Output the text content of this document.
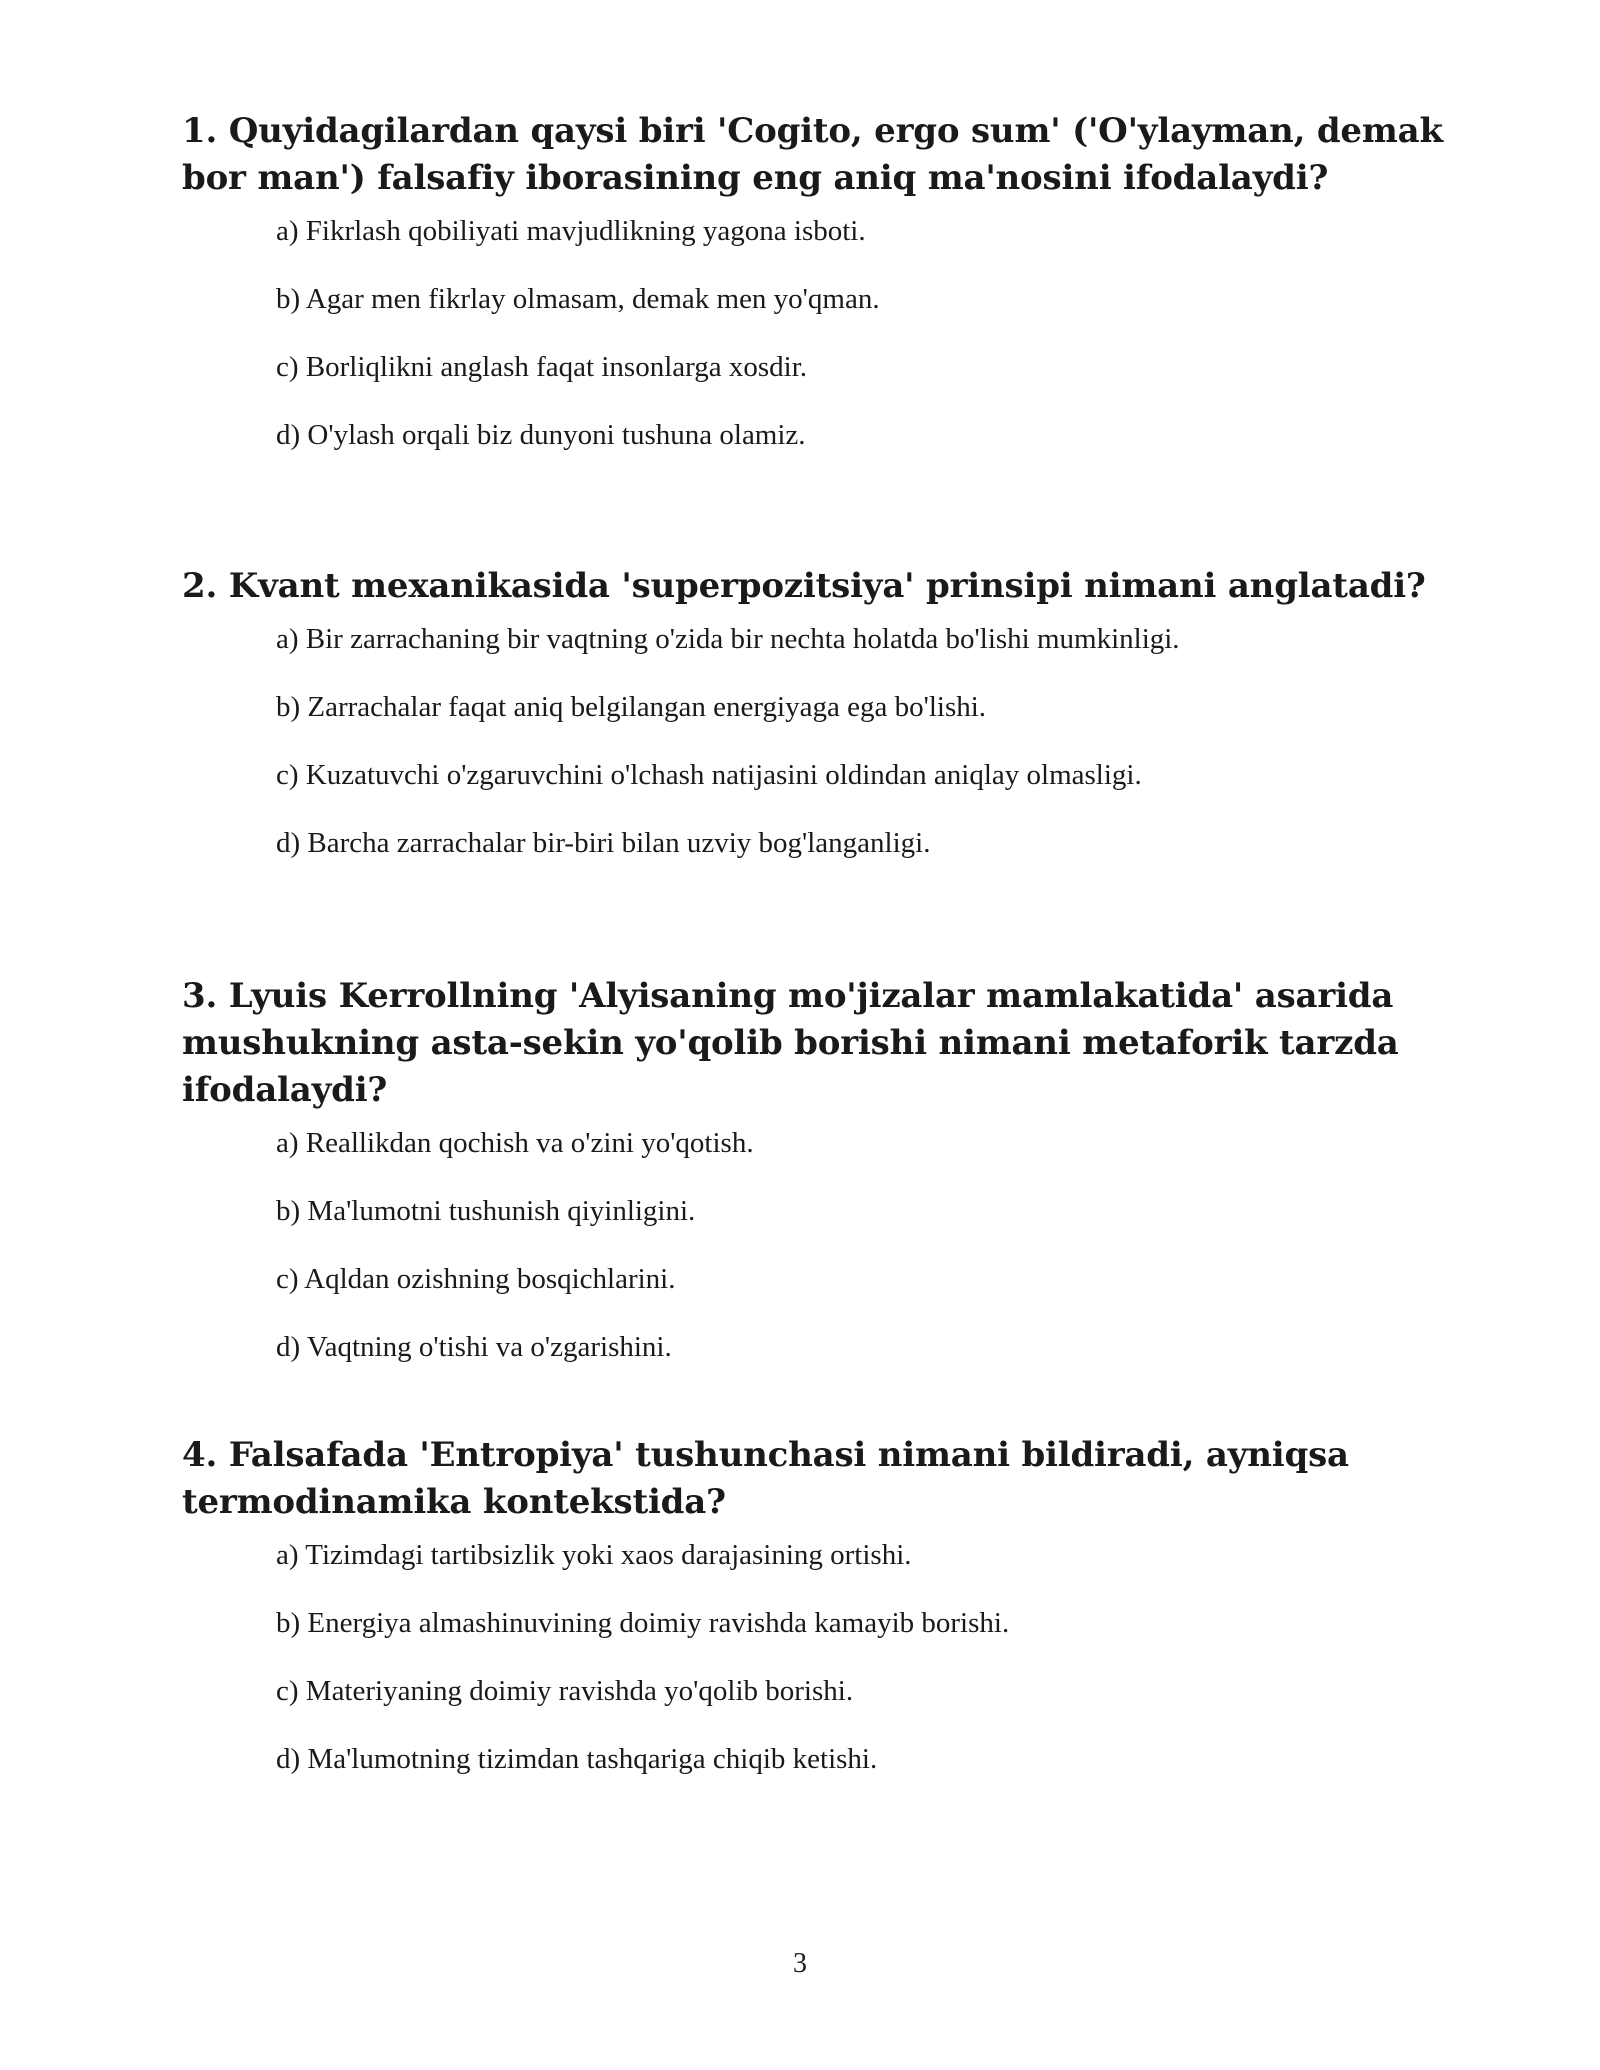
1. Quyidagilardan qaysi biri 'Cogito, ergo sum' ('O'ylayman, demak bor man') falsafiy iborasining eng aniq ma'nosini ifodalaydi?

a) Fikrlash qobiliyati mavjudlikning yagona isboti.
b) Agar men fikrlay olmasam, demak men yo'qman.
c) Borliqlikni anglash faqat insonlarga xosdir.
d) O'ylash orqali biz dunyoni tushuna olamiz.

2. Kvant mexanikasida 'superpozitsiya' prinsipi nimani anglatadi?

a) Bir zarrachaning bir vaqtning o'zida bir nechta holatda bo'lishi mumkinligi.
b) Zarrachalar faqat aniq belgilangan energiyaga ega bo'lishi.
c) Kuzatuvchi o'zgaruvchini o'lchash natijasini oldindan aniqlay olmasligi.
d) Barcha zarrachalar bir-biri bilan uzviy bog'langanligi.

3. Lyuis Kerrollning 'Alyisaning mo'jizalar mamlakatida' asarida mushukning asta-sekin yo'qolib borishi nimani metaforik tarzda ifodalaydi?

a) Reallikdan qochish va o'zini yo'qotish.
b) Ma'lumotni tushunish qiyinligini.
c) Aqldan ozishning bosqichlarini.
d) Vaqtning o'tishi va o'zgarishini.

4. Falsafada 'Entropiya' tushunchasi nimani bildiradi, ayniqsa termodinamika kontekstida?

a) Tizimdagi tartibsizlik yoki xaos darajasining ortishi.
b) Energiya almashinuvining doimiy ravishda kamayib borishi.
c) Materiyaning doimiy ravishda yo'qolib borishi.
d) Ma'lumotning tizimdan tashqariga chiqib ketishi.
3
